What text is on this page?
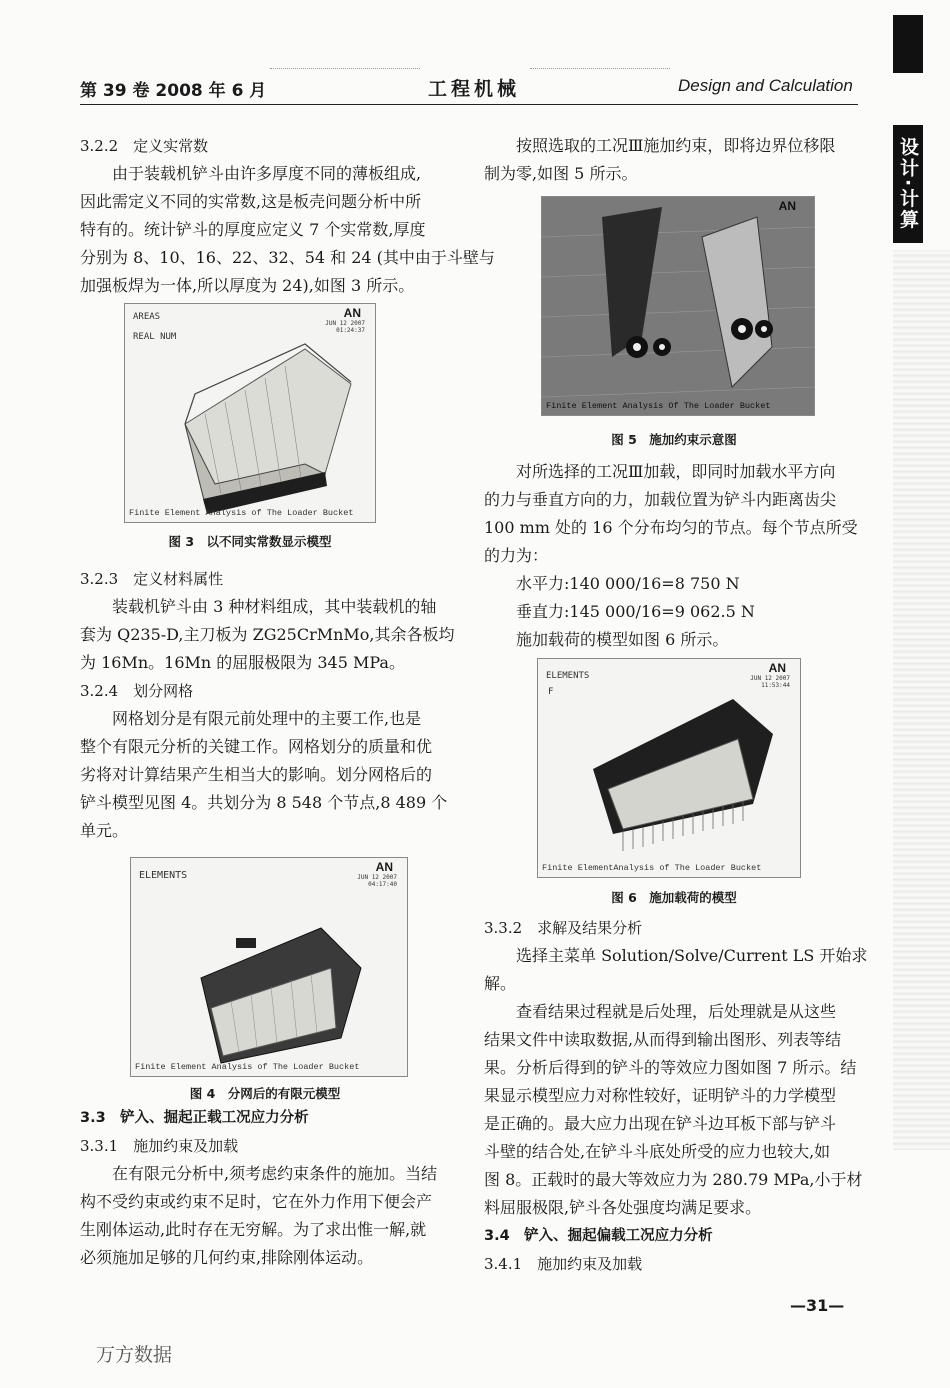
第 39 卷 2008 年 6 月	工程机械	Design and Calculation
设计·计算
3.2.2　定义实常数
由于装载机铲斗由许多厚度不同的薄板组成,
因此需定义不同的实常数,这是板壳问题分析中所
特有的。统计铲斗的厚度应定义 7 个实常数,厚度
分别为 8、10、16、22、32、54 和 24 (其中由于斗壁与
加强板焊为一体,所以厚度为 24),如图 3 所示。
AREAS
REAL NUM
AN
JUN 12 2007
01:24:37
Finite Element Analysis of The Loader Bucket
图 3　以不同实常数显示模型
3.2.3　定义材料属性
装载机铲斗由 3 种材料组成，其中装载机的轴
套为 Q235-D,主刀板为 ZG25CrMnMo,其余各板均
为 16Mn。16Mn 的屈服极限为 345 MPa。
3.2.4　划分网格
网格划分是有限元前处理中的主要工作,也是
整个有限元分析的关键工作。网格划分的质量和优
劣将对计算结果产生相当大的影响。划分网格后的
铲斗模型见图 4。共划分为 8 548 个节点,8 489 个
单元。
ELEMENTS
AN
JUN 12 2007
04:17:40
Finite Element Analysis of The Loader Bucket
图 4　分网后的有限元模型
3.3　铲入、掘起正载工况应力分析
3.3.1　施加约束及加载
在有限元分析中,须考虑约束条件的施加。当结
构不受约束或约束不足时，它在外力作用下便会产
生刚体运动,此时存在无穷解。为了求出惟一解,就
必须施加足够的几何约束,排除刚体运动。
按照选取的工况Ⅲ施加约束，即将边界位移限
制为零,如图 5 所示。
AN
Finite Element Analysis Of The Loader Bucket
图 5　施加约束示意图
对所选择的工况Ⅲ加载，即同时加载水平方向
的力与垂直方向的力，加载位置为铲斗内距离齿尖
100 mm 处的 16 个分布均匀的节点。每个节点所受
的力为：
水平力:140 000/16=8 750 N
垂直力:145 000/16=9 062.5 N
施加载荷的模型如图 6 所示。
ELEMENTS
F
AN
JUN 12 2007
11:53:44
Finite ElementAnalysis of The Loader Bucket
图 6　施加载荷的模型
3.3.2　求解及结果分析
选择主菜单 Solution/Solve/Current LS 开始求
解。
查看结果过程就是后处理，后处理就是从这些
结果文件中读取数据,从而得到输出图形、列表等结
果。分析后得到的铲斗的等效应力图如图 7 所示。结
果显示模型应力对称性较好，证明铲斗的力学模型
是正确的。最大应力出现在铲斗边耳板下部与铲斗
斗壁的结合处,在铲斗斗底处所受的应力也较大,如
图 8。正载时的最大等效应力为 280.79 MPa,小于材
料屈服极限,铲斗各处强度均满足要求。
3.4　铲入、掘起偏载工况应力分析
3.4.1　施加约束及加载
—31—
万方数据
